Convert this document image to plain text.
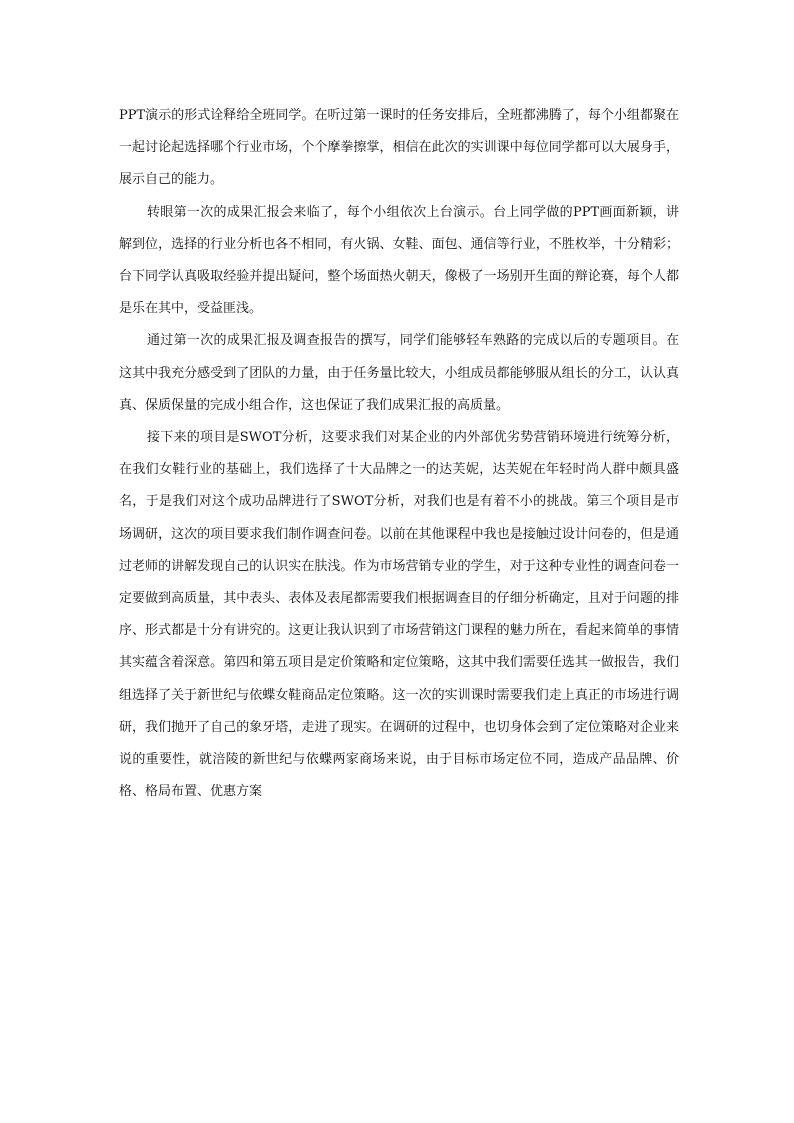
PPT演示的形式诠释给全班同学。在听过第一课时的任务安排后，全班都沸腾了，每个小组都聚在一起讨论起选择哪个行业市场，个个摩拳擦掌，相信在此次的实训课中每位同学都可以大展身手，展示自己的能力。

转眼第一次的成果汇报会来临了，每个小组依次上台演示。台上同学做的PPT画面新颖，讲解到位，选择的行业分析也各不相同，有火锅、女鞋、面包、通信等行业，不胜枚举，十分精彩；台下同学认真吸取经验并提出疑问，整个场面热火朝天，像极了一场别开生面的辩论赛，每个人都是乐在其中，受益匪浅。

通过第一次的成果汇报及调查报告的撰写，同学们能够轻车熟路的完成以后的专题项目。在这其中我充分感受到了团队的力量，由于任务量比较大，小组成员都能够服从组长的分工，认认真真、保质保量的完成小组合作，这也保证了我们成果汇报的高质量。

接下来的项目是SWOT分析，这要求我们对某企业的内外部优劣势营销环境进行统筹分析，在我们女鞋行业的基础上，我们选择了十大品牌之一的达芙妮，达芙妮在年轻时尚人群中颇具盛名，于是我们对这个成功品牌进行了SWOT分析，对我们也是有着不小的挑战。第三个项目是市场调研，这次的项目要求我们制作调查问卷。以前在其他课程中我也是接触过设计问卷的，但是通过老师的讲解发现自己的认识实在肤浅。作为市场营销专业的学生，对于这种专业性的调查问卷一定要做到高质量，其中表头、表体及表尾都需要我们根据调查目的仔细分析确定，且对于问题的排序、形式都是十分有讲究的。这更让我认识到了市场营销这门课程的魅力所在，看起来简单的事情其实蕴含着深意。第四和第五项目是定价策略和定位策略，这其中我们需要任选其一做报告，我们组选择了关于新世纪与依蝶女鞋商品定位策略。这一次的实训课时需要我们走上真正的市场进行调研，我们抛开了自己的象牙塔，走进了现实。在调研的过程中，也切身体会到了定位策略对企业来说的重要性，就涪陵的新世纪与依蝶两家商场来说，由于目标市场定位不同，造成产品品牌、价格、格局布置、优惠方案
